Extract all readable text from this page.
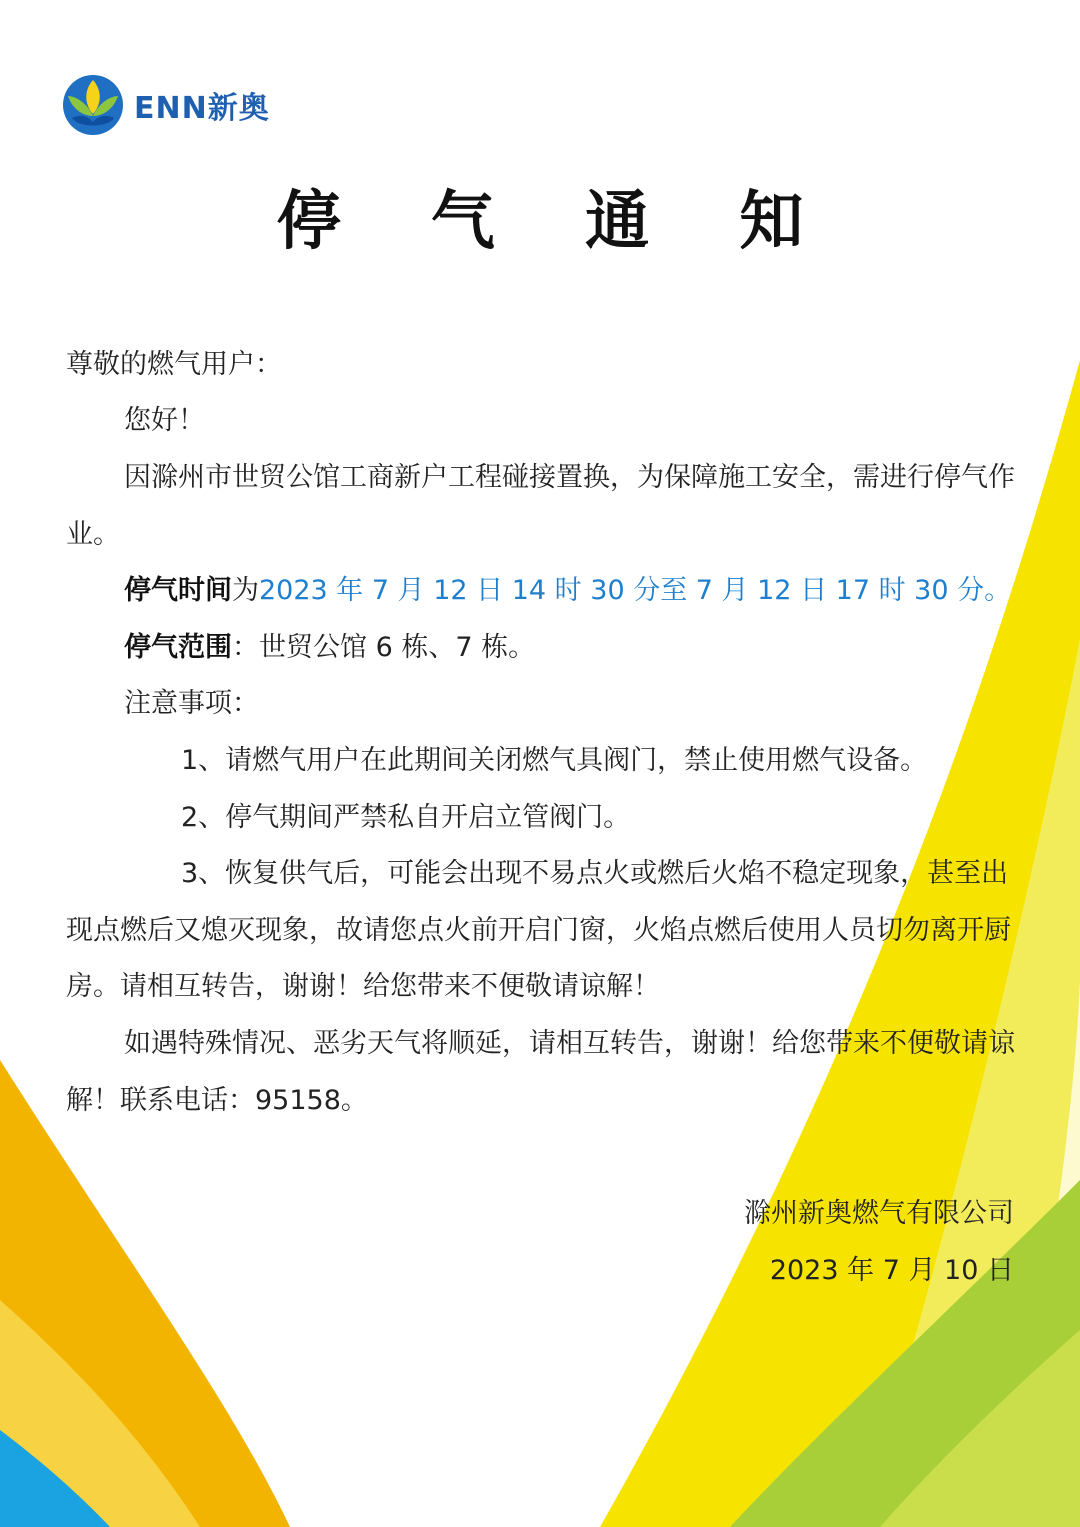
ENN新奥
停 气 通 知
尊敬的燃气用户：
您好！
因滁州市世贸公馆工商新户工程碰接置换，为保障施工安全，需进行停气作业。
停气时间为2023 年 7 月 12 日 14 时 30 分至 7 月 12 日 17 时 30 分。
停气范围：世贸公馆 6 栋、7 栋。
注意事项：
1、请燃气用户在此期间关闭燃气具阀门，禁止使用燃气设备。
2、停气期间严禁私自开启立管阀门。
3、恢复供气后，可能会出现不易点火或燃后火焰不稳定现象，甚至出现点燃后又熄灭现象，故请您点火前开启门窗，火焰点燃后使用人员切勿离开厨房。请相互转告，谢谢！给您带来不便敬请谅解！
如遇特殊情况、恶劣天气将顺延，请相互转告，谢谢！给您带来不便敬请谅解！联系电话：95158。
滁州新奥燃气有限公司
2023 年 7 月 10 日
